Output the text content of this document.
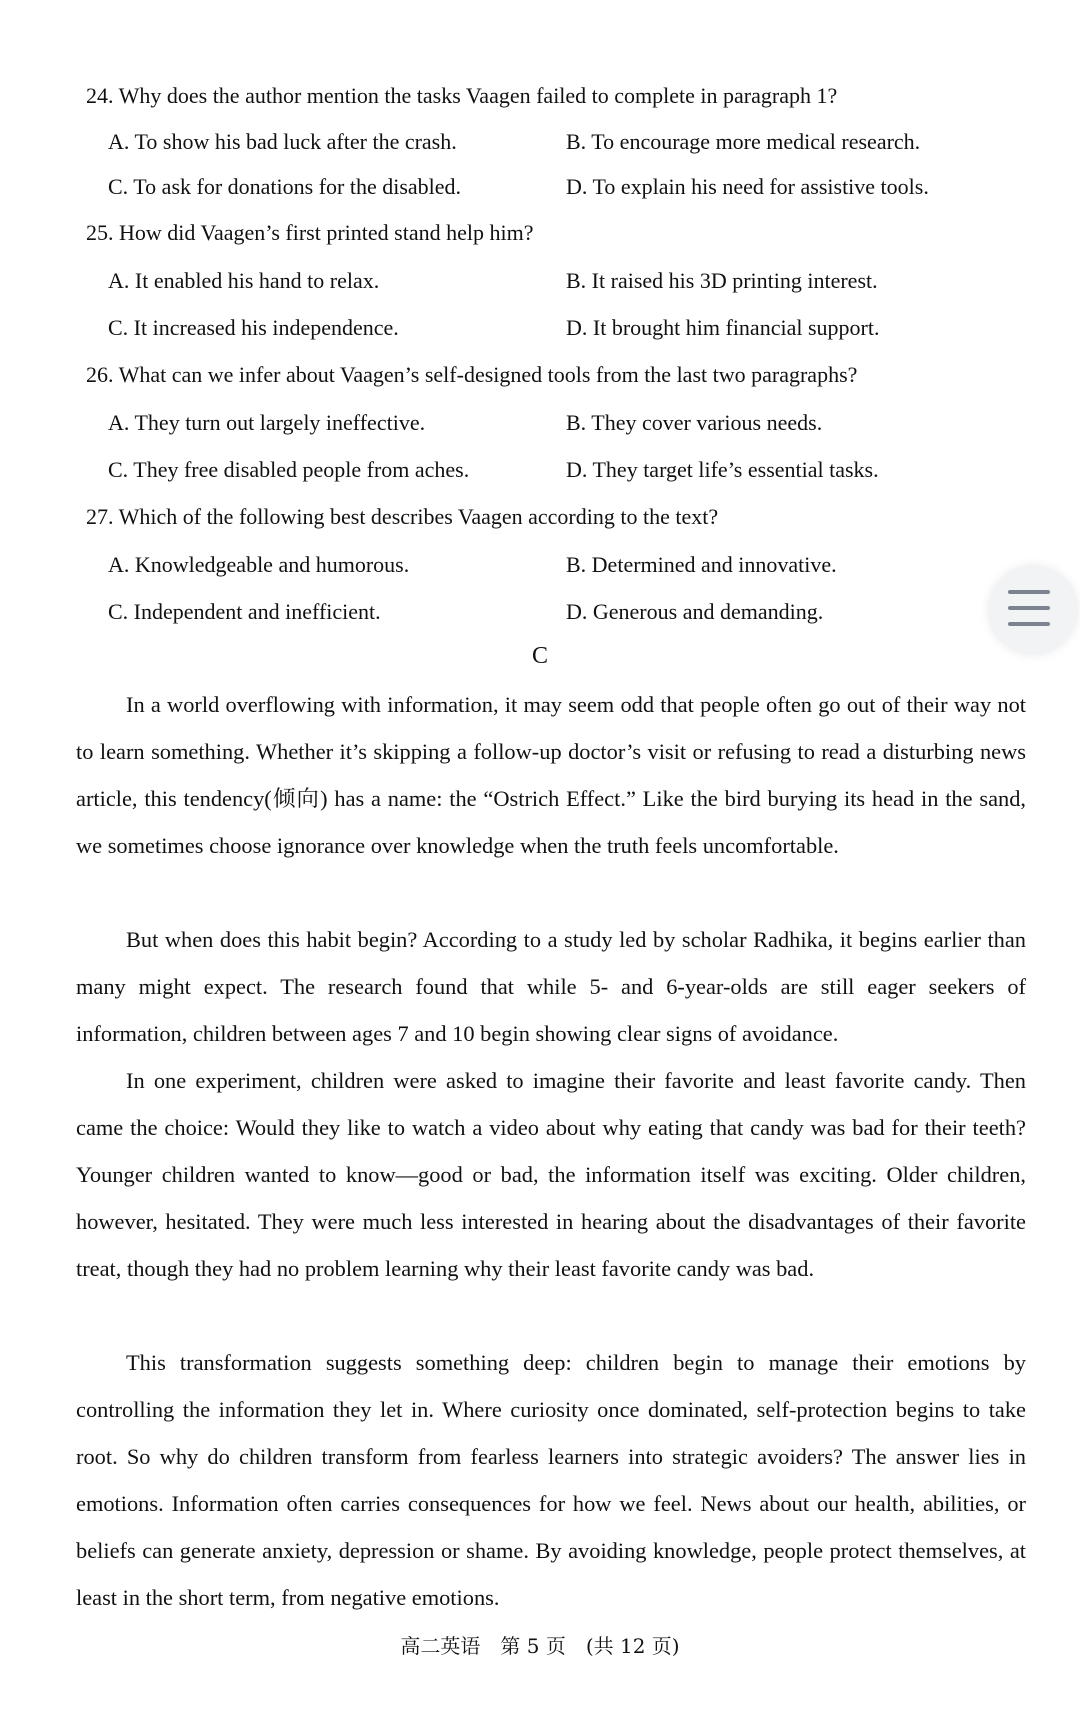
24. Why does the author mention the tasks Vaagen failed to complete in paragraph 1?
A. To show his bad luck after the crash.	B. To encourage more medical research.
C. To ask for donations for the disabled.	D. To explain his need for assistive tools.
25. How did Vaagen’s first printed stand help him?
A. It enabled his hand to relax.	B. It raised his 3D printing interest.
C. It increased his independence.	D. It brought him financial support.
26. What can we infer about Vaagen’s self-designed tools from the last two paragraphs?
A. They turn out largely ineffective.	B. They cover various needs.
C. They free disabled people from aches.	D. They target life’s essential tasks.
27. Which of the following best describes Vaagen according to the text?
A. Knowledgeable and humorous.	B. Determined and innovative.
C. Independent and inefficient.	D. Generous and demanding.
C

In a world overflowing with information, it may seem odd that people often go out of their way not to learn something. Whether it’s skipping a follow-up doctor’s visit or refusing to read a disturbing news article, this tendency(倾向) has a name: the “Ostrich Effect.” Like the bird burying its head in the sand, we sometimes choose ignorance over knowledge when the truth feels uncomfortable.

But when does this habit begin? According to a study led by scholar Radhika, it begins earlier than many might expect. The research found that while 5- and 6-year-olds are still eager seekers of information, children between ages 7 and 10 begin showing clear signs of avoidance.

In one experiment, children were asked to imagine their favorite and least favorite candy. Then came the choice: Would they like to watch a video about why eating that candy was bad for their teeth? Younger children wanted to know—good or bad, the information itself was exciting. Older children, however, hesitated. They were much less interested in hearing about the disadvantages of their favorite treat, though they had no problem learning why their least favorite candy was bad.

This transformation suggests something deep: children begin to manage their emotions by controlling the information they let in. Where curiosity once dominated, self-protection begins to take root. So why do children transform from fearless learners into strategic avoiders? The answer lies in emotions. Information often carries consequences for how we feel. News about our health, abilities, or beliefs can generate anxiety, depression or shame. By avoiding knowledge, people protect themselves, at least in the short term, from negative emotions.

高二英语　第 5 页　(共 12 页)
